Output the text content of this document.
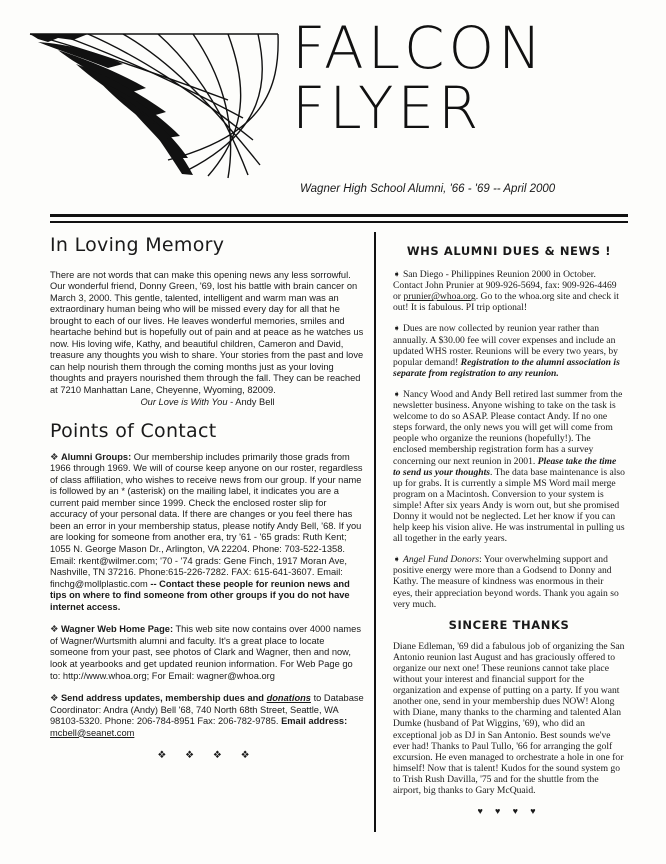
FALCON
FLYER
Wagner High School Alumni, '66 - '69 -- April 2000
In Loving Memory

There are not words that can make this opening news any less sorrowful. Our wonderful friend, Donny Green, '69, lost his battle with brain cancer on March 3, 2000. This gentle, talented, intelligent and warm man was an extraordinary human being who will be missed every day for all that he brought to each of our lives. He leaves wonderful memories, smiles and heartache behind but is hopefully out of pain and at peace as he watches us now. His loving wife, Kathy, and beautiful children, Cameron and David, treasure any thoughts you wish to share. Your stories from the past and love can help nourish them through the coming months just as your loving thoughts and prayers nourished them through the fall. They can be reached at 7210 Manhattan Lane, Cheyenne, Wyoming, 82009.

Our Love is With You - Andy Bell

Points of Contact

❖ Alumni Groups: Our membership includes primarily those grads from 1966 through 1969. We will of course keep anyone on our roster, regardless of class affiliation, who wishes to receive news from our group. If your name is followed by an * (asterisk) on the mailing label, it indicates you are a current paid member since 1999. Check the enclosed roster slip for accuracy of your personal data. If there are changes or you feel there has been an error in your membership status, please notify Andy Bell, '68. If you are looking for someone from another era, try '61 - '65 grads: Ruth Kent; 1055 N. George Mason Dr., Arlington, VA 22204. Phone: 703-522-1358. Email: rkent@wilmer.com; '70 - '74 grads: Gene Finch, 1917 Moran Ave, Nashville, TN 37216. Phone:615-226-7282. FAX: 615-641-3607. Email: finchg@mollplastic.com -- Contact these people for reunion news and tips on where to find someone from other groups if you do not have internet access.

❖ Wagner Web Home Page: This web site now contains over 4000 names of Wagner/Wurtsmith alumni and faculty. It's a great place to locate someone from your past, see photos of Clark and Wagner, then and now, look at yearbooks and get updated reunion information. For Web Page go to: http://www.whoa.org; For Email: wagner@whoa.org

❖ Send address updates, membership dues and donations to Database Coordinator: Andra (Andy) Bell '68, 740 North 68th Street, Seattle, WA 98103-5320. Phone: 206-784-8951 Fax: 206-782-9785. Email address: mcbell@seanet.com

❖ ❖ ❖ ❖
WHS ALUMNI DUES & NEWS !

➧ San Diego - Philippines Reunion 2000 in October. Contact John Prunier at 909-926-5694, fax: 909-926-4469 or prunier@whoa.org. Go to the whoa.org site and check it out! It is fabulous. PI trip optional!

➧ Dues are now collected by reunion year rather than annually. A $30.00 fee will cover expenses and include an updated WHS roster. Reunions will be every two years, by popular demand! Registration to the alumni association is separate from registration to any reunion.

➧ Nancy Wood and Andy Bell retired last summer from the newsletter business. Anyone wishing to take on the task is welcome to do so ASAP. Please contact Andy. If no one steps forward, the only news you will get will come from people who organize the reunions (hopefully!). The enclosed membership registration form has a survey concerning our next reunion in 2001. Please take the time to send us your thoughts. The data base maintenance is also up for grabs. It is currently a simple MS Word mail merge program on a Macintosh. Conversion to your system is simple! After six years Andy is worn out, but she promised Donny it would not be neglected. Let her know if you can help keep his vision alive. He was instrumental in pulling us all together in the early years.

➧ Angel Fund Donors: Your overwhelming support and positive energy were more than a Godsend to Donny and Kathy. The measure of kindness was enormous in their eyes, their appreciation beyond words. Thank you again so very much.

SINCERE THANKS

Diane Edleman, '69 did a fabulous job of organizing the San Antonio reunion last August and has graciously offered to organize our next one! These reunions cannot take place without your interest and financial support for the organization and expense of putting on a party. If you want another one, send in your membership dues NOW! Along with Diane, many thanks to the charming and talented Alan Dumke (husband of Pat Wiggins, '69), who did an exceptional job as DJ in San Antonio. Best sounds we've ever had! Thanks to Paul Tullo, '66 for arranging the golf excursion. He even managed to orchestrate a hole in one for himself! Now that is talent! Kudos for the sound system go to Trish Rush Davilla, '75 and for the shuttle from the airport, big thanks to Gary McQuaid.

♥ ♥ ♥ ♥
